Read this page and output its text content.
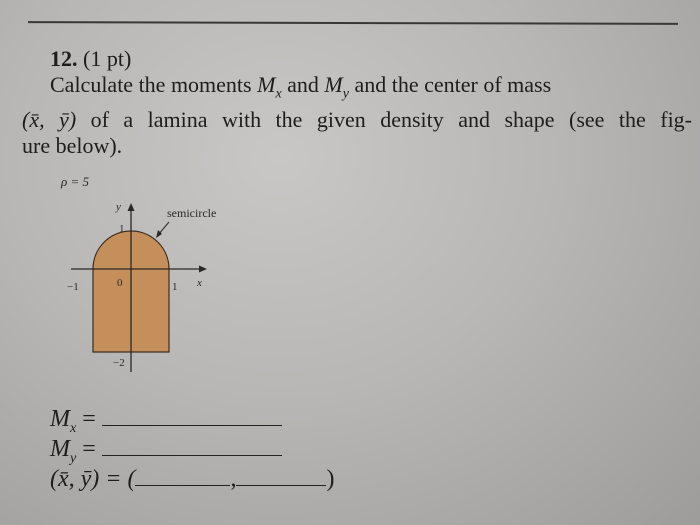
12. (1 pt)
Calculate the moments $M_x$ and $M_y$ and the center of mass
(x̄, ȳ) of a lamina with the given density and shape (see the fig-
ure below).
ρ = 5
y
x
1
0
−1	1
−2
semicircle
$M_x$ =
$M_y$ =
(x̄, ȳ) = (	,	)
